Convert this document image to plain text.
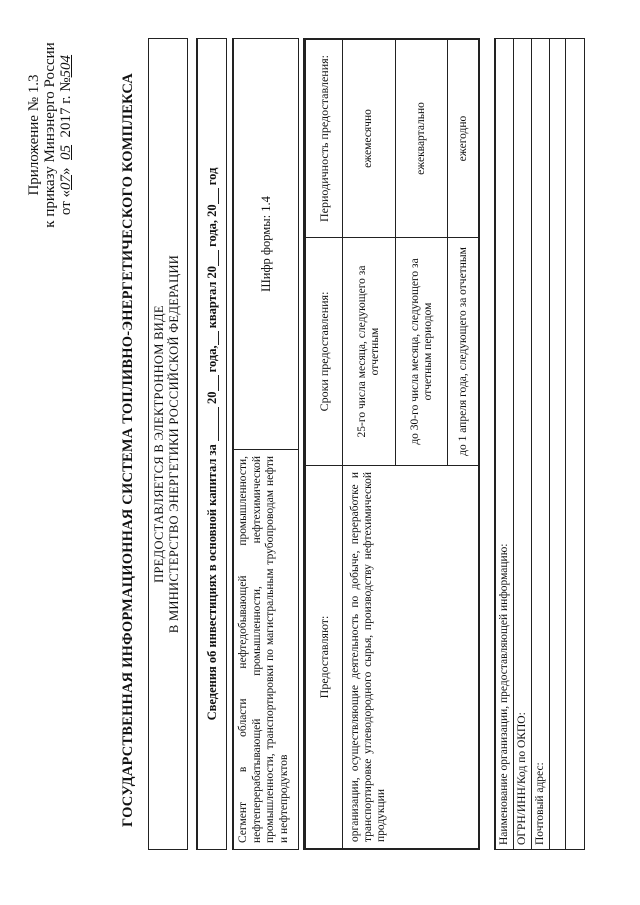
Приложение № 1.3 к приказу Минэнерго России от «07»  05  2017 г. №504
ГОСУДАРСТВЕННАЯ ИНФОРМАЦИОННАЯ СИСТЕМА ТОПЛИВНО-ЭНЕРГЕТИЧЕСКОГО КОМПЛЕКСА ПРЕДОСТАВЛЯЕТСЯ В ЭЛЕКТРОННОМ ВИДЕ В МИНИСТЕРСТВО ЭНЕРГЕТИКИ РОССИЙСКОЙ ФЕДЕРАЦИИ Сведения об инвестициях в основной капитал за

20

года,

квартал 20

года, 20

год
Сегмент в области нефтедобывающей промышленности, нефтеперерабатывающей промышленности, нефтехимической промышленности, транспортировки по магистральным трубопроводам нефти и нефтепродуктов
Шифр формы: 1.4
Предоставляют:	Сроки предоставления:	Периодичность предоставления:
организации, осуществляющие деятельность по добыче, переработке и транспортировке углеводородного сырья, производству нефтехимической продукции	25-го числа месяца, следующего за отчетным	ежемесячно
	до 30-го числа месяца, следующего за отчетным периодом	ежеквартально
	до 1 апреля года, следующего за отчетным	ежегодно
Наименование организации, предоставляющей информацию: ОГРН/ИНН/Код по ОКПО: Почтовый адрес:
